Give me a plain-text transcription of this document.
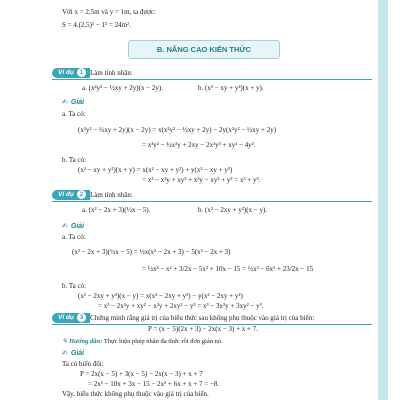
Với x = 2,5m và y = 1m, ta được:
S = 4.(2,5)² − 1² = 24m².
B. NÂNG CAO KIẾN THỨC
Ví dụ 1 Làm tính nhân:
a. (x²y² − ½xy + 2y)(x − 2y).	b. (x² − xy + y²)(x + y).
✍ Giải
a. Ta có:
(x²y² − ½xy + 2y)(x − 2y) = x(x²y² − ½xy + 2y) − 2y(x²y² − ½xy + 2y)
= x³y² − ½x²y + 2xy − 2x²y³ + xy² − 4y².
b. Ta có:
(x² − xy + y²)(x + y) = x(x² − xy + y²) + y(x² − xy + y²)
= x³ − x²y + xy² + x²y − xy² + y³ = x³ + y³.
Ví dụ 2 Làm tính nhân:
a. (x² − 2x + 3)(½x − 5).	b. (x² − 2xy + y²)(x − y).
✍ Giải
a. Ta có:
(x² − 2x + 3)(½x − 5) = ½x(x² − 2x + 3) − 5(x² − 2x + 3)
= ½x³ − x² + 3/2x − 5x² + 10x − 15 = ½x³ − 6x² + 23/2x − 15
b. Ta có:
(x² − 2xy + y²)(x − y) = x(x² − 2xy + y²) − y(x² − 2xy + y²)
= x³ − 2x²y + xy² − x²y + 2xy² − y³ = x³ − 3x²y + 3xy² − y³.
Ví dụ 3 Chứng minh rằng giá trị của biểu thức sau không phụ thuộc vào giá trị của biến:
P = (x − 5)(2x + 3) − 2x(x − 3) + x + 7.
✎ Hướng dẫn: Thực hiện phép nhân đa thức rồi đơn giản nó.
✍ Giải
Ta có biến đổi:
P = 2x(x − 5) + 3(x − 5) − 2x(x − 3) + x + 7
= 2x² − 10x + 3x − 15 − 2x² + 6x + x + 7 = −8.
Vậy, biểu thức không phụ thuộc vào giá trị của biến.
